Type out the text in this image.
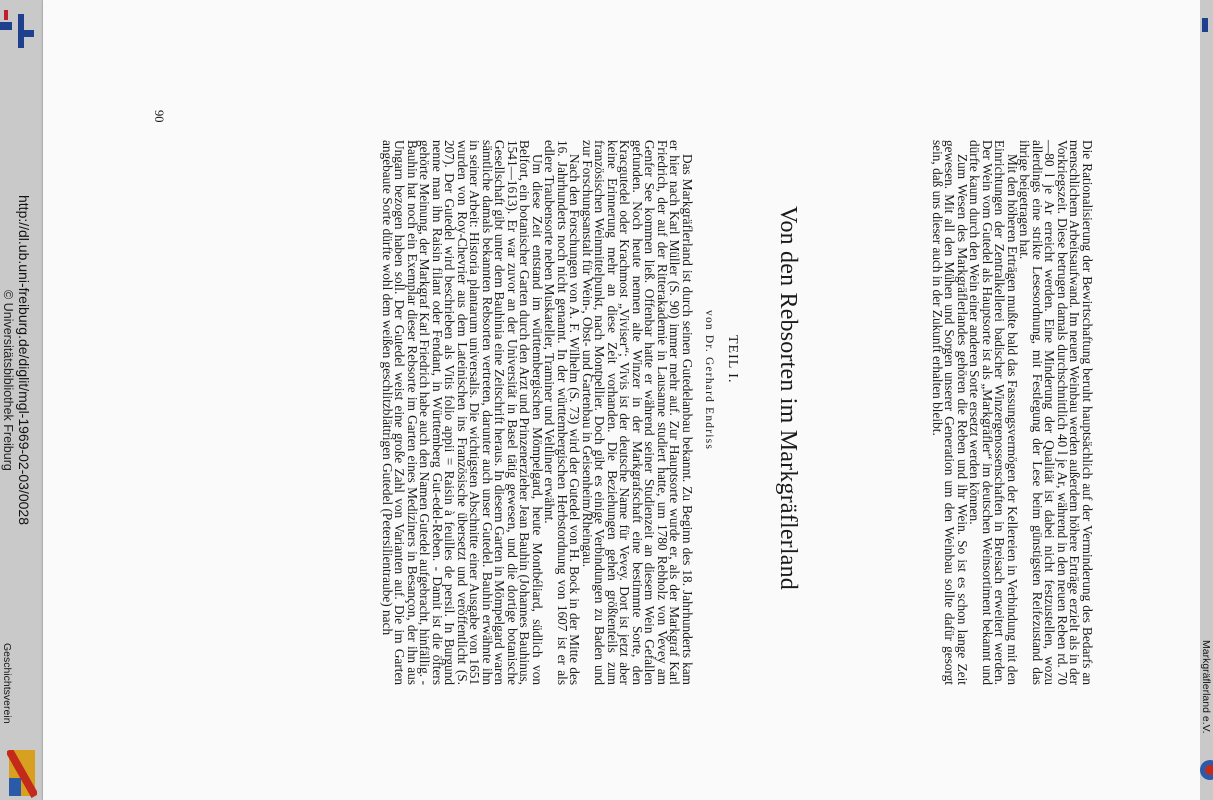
http://dl.ub.uni-freiburg.de/diglit/mgl-1969-02-03/0028
© Universitätsbibliothek Freiburg
Geschichtsverein	Die Rationalisierung der Bewirtschaftung beruht hauptsächlich auf der Verminderung des Bedarfs an menschlichem Arbeitsaufwand. Im neuen Weinbau werden außerdem höhere Erträge erzielt als in der Vorkriegszeit. Diese betrugen damals durchschnittlich 40 l je Ar, während in den neuen Reben rd. 70—80 l je Ar erreicht werden. Eine Minderung der Qualität ist dabei nicht festzustellen, wozu allerdings eine strikte Lesesordnung, mit Festlegung der Lese beim günstigsten Reifezustand das ihrige beigetragen hat.

Mit den höheren Erträgen mußte bald das Fassungsvermögen der Kellereien in Verbindung mit den Einrichtungen der Zentralkellerei badischer Winzergenossenschaften in Breisach erweitert werden. Der Wein vom Gutedel als Hauptsorte ist als „Markgräfler“ im deutschen Weinsortiment bekannt und dürfte kaum durch den Wein einer anderen Sorte ersetzt werden können.

Zum Wesen des Markgräflerlandes gehören die Reben und ihr Wein. So ist es schon lange Zeit gewesen. Mit all den Mühen und Sorgen unserer Generation um den Weinbau sollte dafür gesorgt sein, daß uns dieser auch in der Zukunft erhalten bleibt.

Von den Rebsorten im Markgräflerland
TEIL I.
von Dr. Gerhard Endriss

Das Markgräflerland ist durch seinen Gutedelanbau bekannt. Zu Beginn des 18. Jahrhunderts kam er hier nach Karl Müller (S. 90) immer mehr auf. Zur Hauptsorte wurde er, als der Markgraf Karl Friedrich, der auf der Ritterakademie in Lausanne studiert hatte, um 1780 Rebholz von Vevey am Genfer See kommen ließ. Offenbar hatte er während seiner Studienzeit an diesem Wein Gefallen gefunden. Noch heute nennen alte Winzer in der Markgrafschaft eine bestimmte Sorte, den Kracgutedel oder Krachmost „Viviser“; Vivis ist der deutsche Name für Vevey. Dort ist jetzt aber keine Erinnerung mehr an diese Zeit vorhanden. Die Beziehungen gehen größtenteils zum französischen Weinmittelpunkt, nach Montpellier. Doch gibt es einige Verbindungen zu Baden und zur Forschungsanstalt für Wein-, Obst- und Gartenbau in Geisenheim/Rheingau.

Nach den Forschungen von A. F. Wilhelm (S. 73) wird der Gutedel von H. Bock in der Mitte des 16. Jahrhunderts noch nicht genannt. In der württembergischen Herbstordnung von 1607 ist er als edlere Traubensorte neben Muskateller, Traminer und Veltliner erwähnt.

Um diese Zeit entstand im württembergischen Mömpelgard, heute Montbéliard, südlich von Belfort, ein botanischer Garten durch den Arzt und Prinzenerzieher Jean Bauhin (Johannes Bauhinus, 1541—1613). Er war zuvor an der Universität in Basel tätig gewesen, und die dortige botanische Gesellschaft gibt unter dem Bauhinia eine Zeitschrift heraus. In diesem Garten in Mömpelgard waren sämtliche damals bekannten Rebsorten vertreten, darunter auch unser Gutedel. Bauhin erwähnte ihn in seiner Arbeit: Historia plantarum universalis. Die wichtigsten Abschnitte einer Ausgabe von 1651 wurden von Roy-Chevrier aus dem Lateinischen ins Französische übersetzt und veröffentlicht (S. 207). Der Gutedel wird beschrieben als Vitis folio appii = Raisin à feuilles de persil. In Burgund nenne man ihn Raisin filant oder Fendant, in Württemberg Gut-edel-Reben. - Damit ist die öfters gehörte Meinung, der Markgraf Karl Friedrich habe auch den Namen Gutedel aufgebracht, hinfällig. - Bauhin hat noch ein Exemplar dieser Rebsorte im Garten eines Mediziners in Besançon, der ihn aus Ungarn bezogen haben soll. Der Gutedel weist eine große Zahl von Varianten auf. Die im Garten angebaute Sorte dürfte wohl dem weißen geschlitzblättrigen Gutedel (Petersilientraube) nach

90
Markgräflerland e.V.
